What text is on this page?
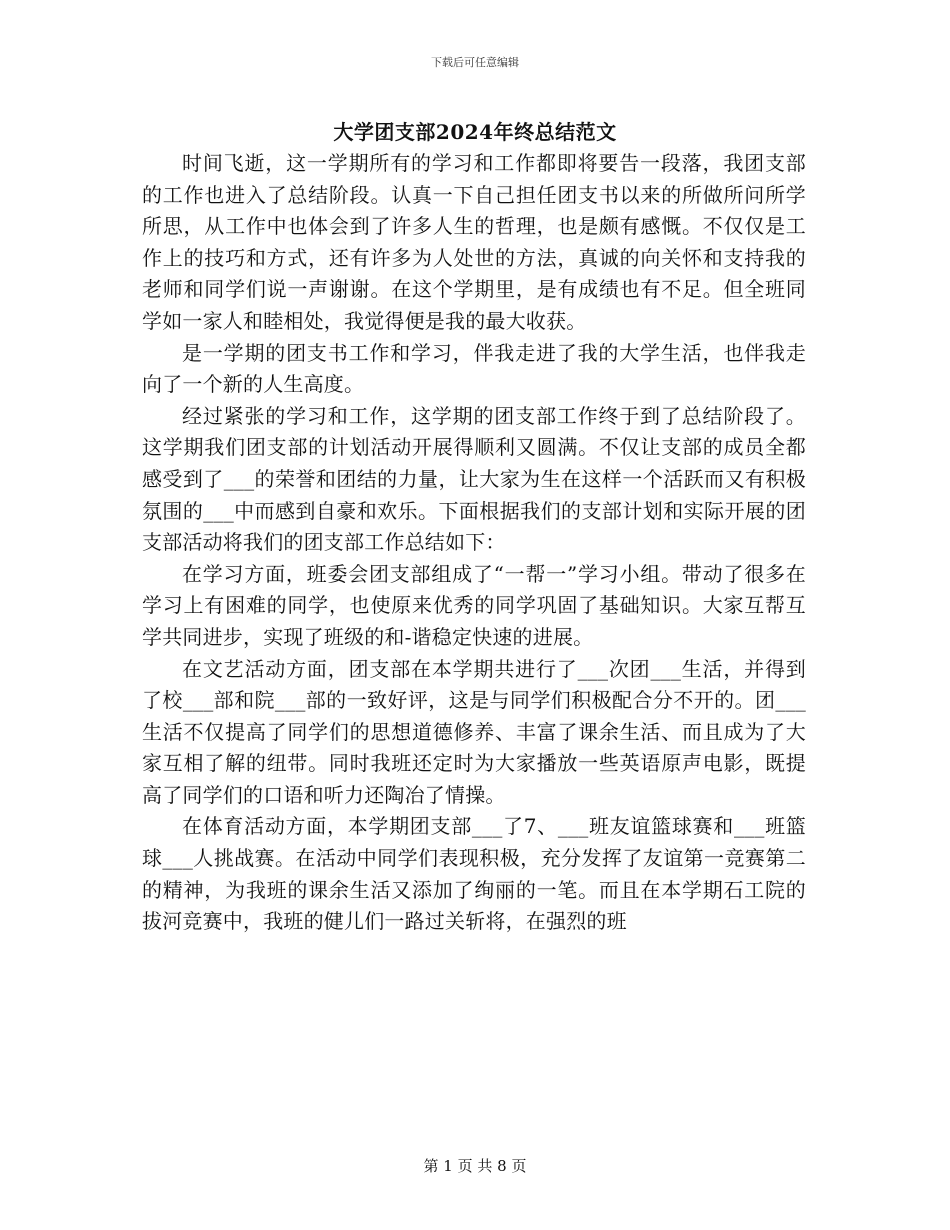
下载后可任意编辑
大学团支部2024年终总结范文

时间飞逝，这一学期所有的学习和工作都即将要告一段落，我团支部的工作也进入了总结阶段。认真一下自己担任团支书以来的所做所问所学所思，从工作中也体会到了许多人生的哲理，也是颇有感慨。不仅仅是工作上的技巧和方式，还有许多为人处世的方法，真诚的向关怀和支持我的老师和同学们说一声谢谢。在这个学期里，是有成绩也有不足。但全班同学如一家人和睦相处，我觉得便是我的最大收获。

是一学期的团支书工作和学习，伴我走进了我的大学生活，也伴我走向了一个新的人生高度。

经过紧张的学习和工作，这学期的团支部工作终于到了总结阶段了。这学期我们团支部的计划活动开展得顺利又圆满。不仅让支部的成员全都感受到了___的荣誉和团结的力量，让大家为生在这样一个活跃而又有积极氛围的___中而感到自豪和欢乐。下面根据我们的支部计划和实际开展的团支部活动将我们的团支部工作总结如下：

在学习方面，班委会团支部组成了“一帮一”学习小组。带动了很多在学习上有困难的同学，也使原来优秀的同学巩固了基础知识。大家互帮互学共同进步，实现了班级的和-谐稳定快速的进展。

在文艺活动方面，团支部在本学期共进行了___次团___生活，并得到了校___部和院___部的一致好评，这是与同学们积极配合分不开的。团___生活不仅提高了同学们的思想道德修养、丰富了课余生活、而且成为了大家互相了解的纽带。同时我班还定时为大家播放一些英语原声电影，既提高了同学们的口语和听力还陶冶了情操。

在体育活动方面，本学期团支部___了7、___班友谊篮球赛和___班篮球___人挑战赛。在活动中同学们表现积极，充分发挥了友谊第一竞赛第二的精神，为我班的课余生活又添加了绚丽的一笔。而且在本学期石工院的拔河竞赛中，我班的健儿们一路过关斩将，在强烈的班

第 1 页 共 8 页
